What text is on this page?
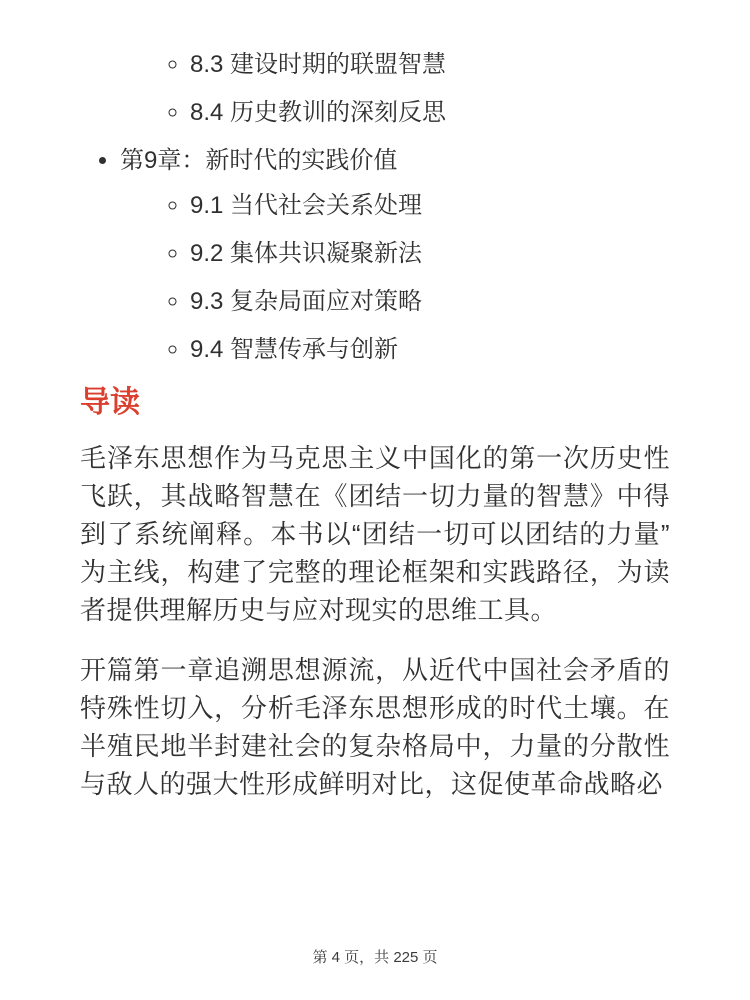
◦ 8.3 建设时期的联盟智慧
◦ 8.4 历史教训的深刻反思
• 第9章：新时代的实践价值
◦ 9.1 当代社会关系处理
◦ 9.2 集体共识凝聚新法
◦ 9.3 复杂局面应对策略
◦ 9.4 智慧传承与创新
导读

毛泽东思想作为马克思主义中国化的第一次历史性飞跃，其战略智慧在《团结一切力量的智慧》中得到了系统阐释。本书以“团结一切可以团结的力量”为主线，构建了完整的理论框架和实践路径，为读者提供理解历史与应对现实的思维工具。

开篇第一章追溯思想源流，从近代中国社会矛盾的特殊性切入，分析毛泽东思想形成的时代土壤。在半殖民地半封建社会的复杂格局中，力量的分散性与敌人的强大性形成鲜明对比，这促使革命战略必

第 4 页，共 225 页
